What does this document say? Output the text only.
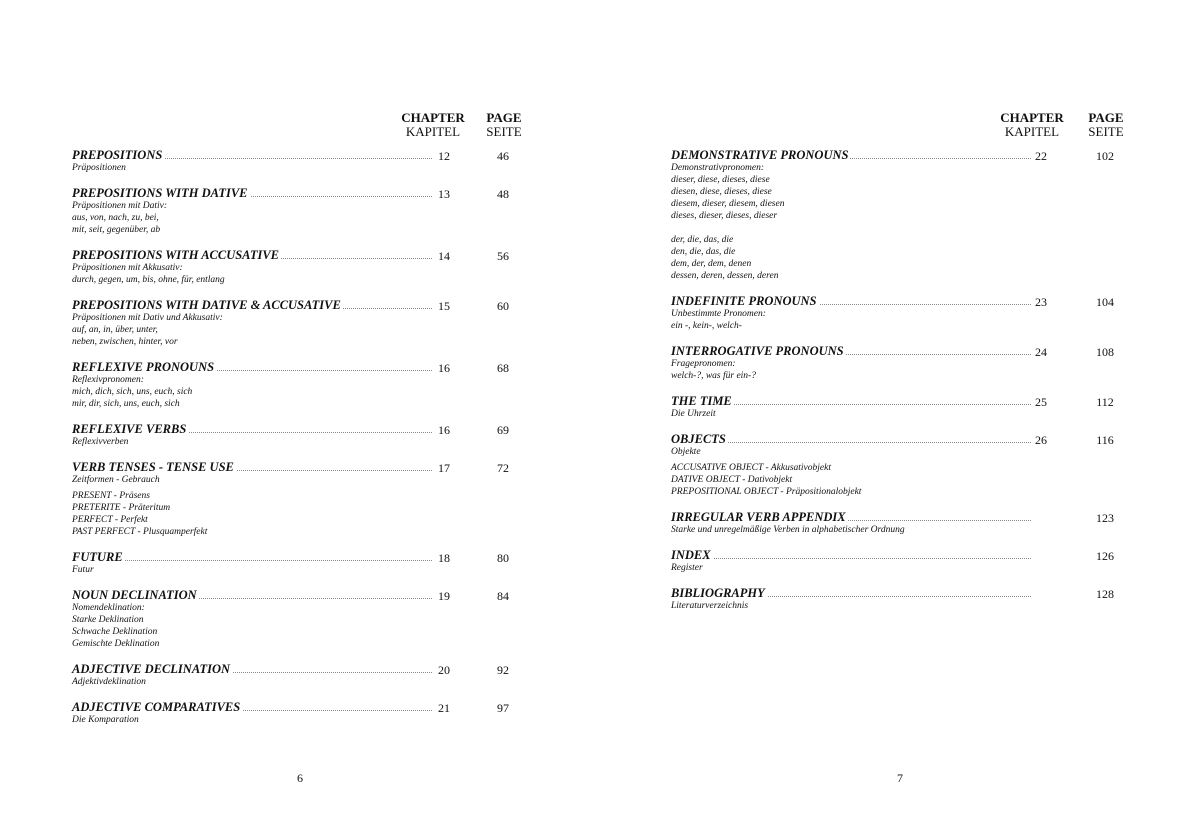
CHAPTER
KAPITEL
PAGE
SEITE
PREPOSITIONS	12	46

Präpositionen

PREPOSITIONS WITH DATIVE	13	48

Präpositionen mit Dativ:

aus, von, nach, zu, bei,

mit, seit, gegenüber, ab

PREPOSITIONS WITH ACCUSATIVE	14	56

Präpositionen mit Akkusativ:

durch, gegen, um, bis, ohne, für, entlang

PREPOSITIONS WITH DATIVE & ACCUSATIVE	15	60

Präpositionen mit Dativ und Akkusativ:

auf, an, in, über, unter,

neben, zwischen, hinter, vor

REFLEXIVE PRONOUNS	16	68

Reflexivpronomen:

mich, dich, sich, uns, euch, sich

mir, dir, sich, uns, euch, sich

REFLEXIVE VERBS	16	69

Reflexivverben

VERB TENSES - TENSE USE	17	72

Zeitformen - Gebrauch

PRESENT - Präsens

PRETERITE - Präteritum

PERFECT - Perfekt

PAST PERFECT - Plusquamperfekt

FUTURE	18	80

Futur

NOUN DECLINATION	19	84

Nomendeklination:

Starke Deklination

Schwache Deklination

Gemischte Deklination

ADJECTIVE DECLINATION	20	92

Adjektivdeklination

ADJECTIVE COMPARATIVES	21	97

Die Komparation

6
CHAPTER
KAPITEL
PAGE
SEITE
DEMONSTRATIVE PRONOUNS	22	102

Demonstrativpronomen:

dieser, diese, dieses, diese

diesen, diese, dieses, diese

diesem, dieser, diesem, diesen

dieses, dieser, dieses, dieser

der, die, das, die

den, die, das, die

dem, der, dem, denen

dessen, deren, dessen, deren

INDEFINITE PRONOUNS	23	104

Unbestimmte Pronomen:

ein -, kein-, welch-

INTERROGATIVE PRONOUNS	24	108

Fragepronomen:

welch-?, was für ein-?

THE TIME	25	112

Die Uhrzeit

OBJECTS	26	116

Objekte

ACCUSATIVE OBJECT - Akkusativobjekt

DATIVE OBJECT - Dativobjekt

PREPOSITIONAL OBJECT - Präpositionalobjekt

IRREGULAR VERB APPENDIX	123

Starke und unregelmäßige Verben in alphabetischer Ordnung

INDEX	126

Register

BIBLIOGRAPHY	128

Literaturverzeichnis

7
